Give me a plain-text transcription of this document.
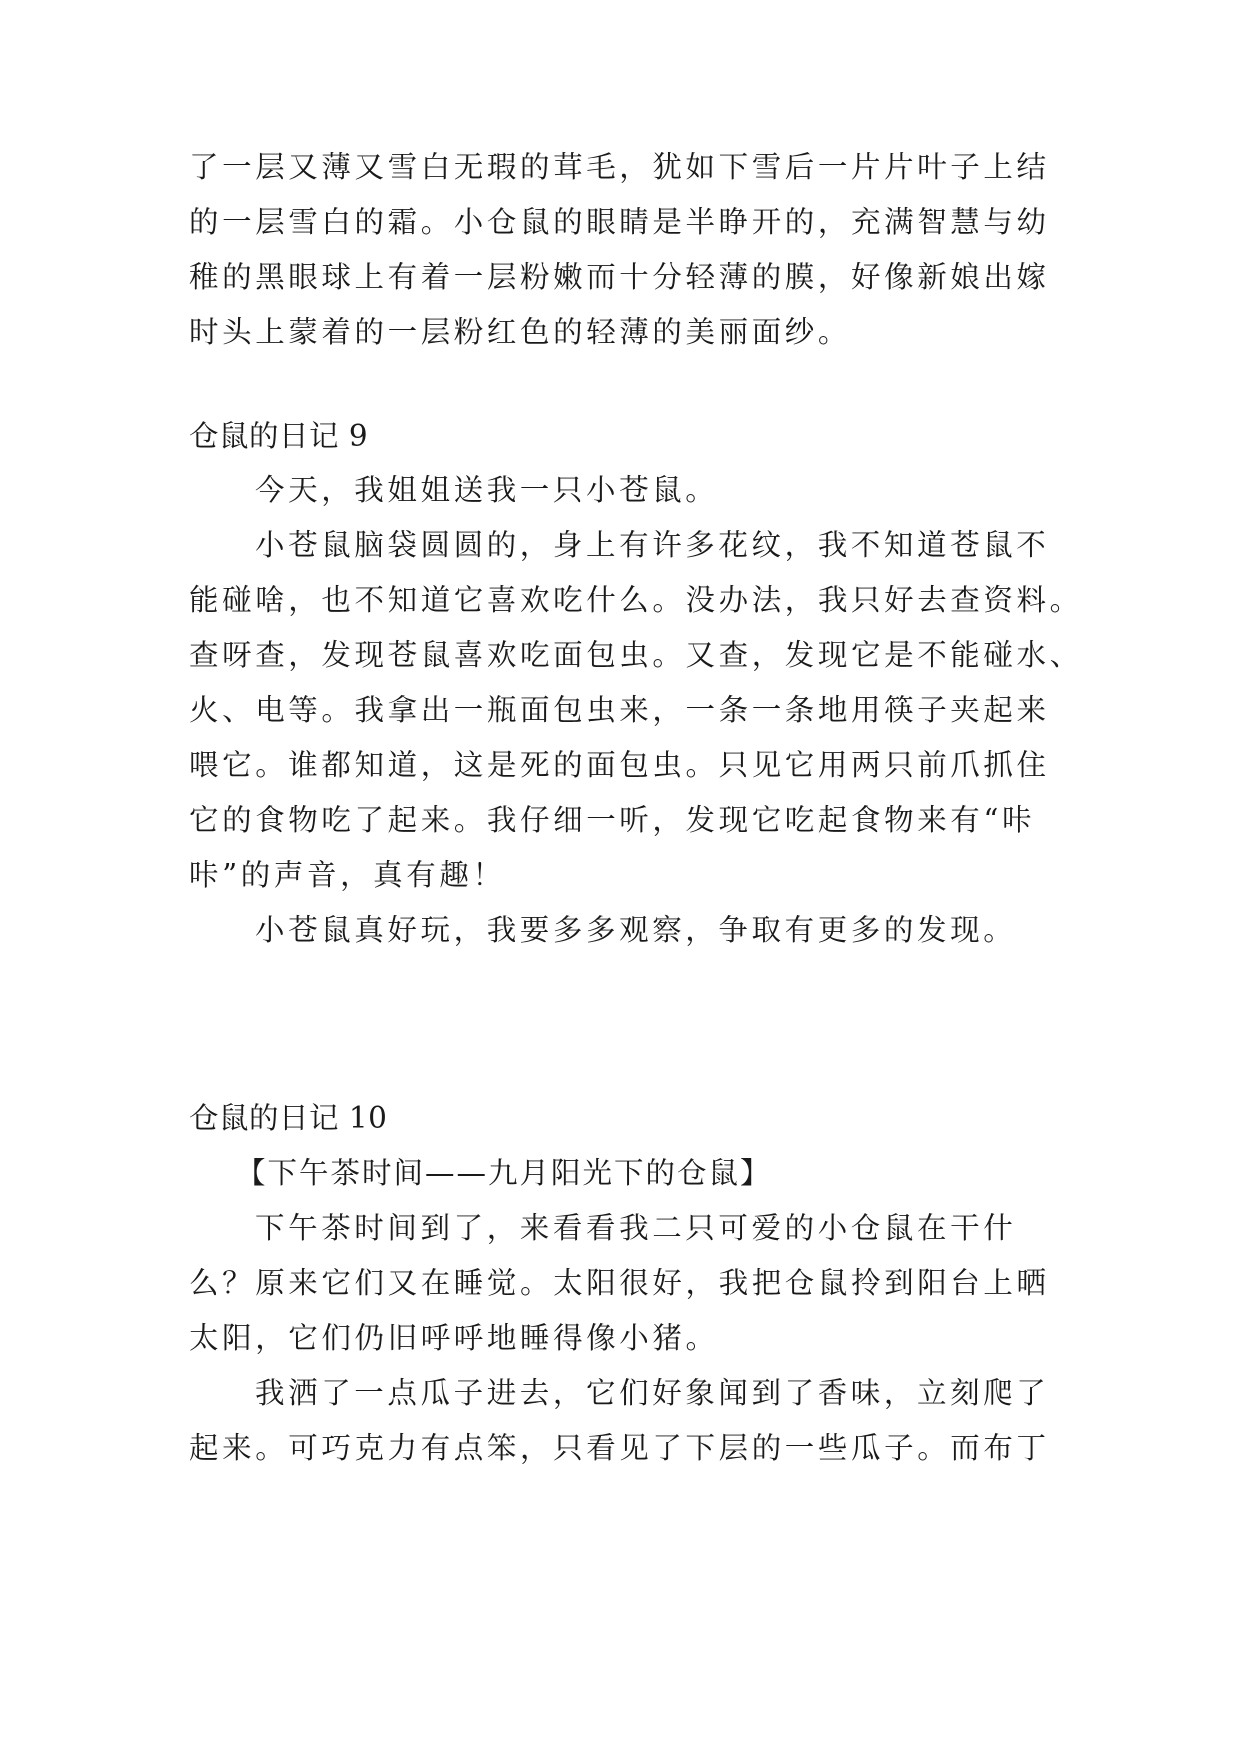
了一层又薄又雪白无瑕的茸毛，犹如下雪后一片片叶子上结
的一层雪白的霜。小仓鼠的眼睛是半睁开的，充满智慧与幼
稚的黑眼球上有着一层粉嫩而十分轻薄的膜，好像新娘出嫁
时头上蒙着的一层粉红色的轻薄的美丽面纱。
仓鼠的日记 9
今天，我姐姐送我一只小苍鼠。
小苍鼠脑袋圆圆的，身上有许多花纹，我不知道苍鼠不
能碰啥，也不知道它喜欢吃什么。没办法，我只好去查资料。
查呀查，发现苍鼠喜欢吃面包虫。又查，发现它是不能碰水、
火、电等。我拿出一瓶面包虫来，一条一条地用筷子夹起来
喂它。谁都知道，这是死的面包虫。只见它用两只前爪抓住
它的食物吃了起来。我仔细一听，发现它吃起食物来有“咔
咔”的声音，真有趣！
小苍鼠真好玩，我要多多观察，争取有更多的发现。
仓鼠的日记 10
【下午茶时间——九月阳光下的仓鼠】
下午茶时间到了，来看看我二只可爱的小仓鼠在干什
么？原来它们又在睡觉。太阳很好，我把仓鼠拎到阳台上晒
太阳，它们仍旧呼呼地睡得像小猪。
我洒了一点瓜子进去，它们好象闻到了香味，立刻爬了
起来。可巧克力有点笨，只看见了下层的一些瓜子。而布丁
